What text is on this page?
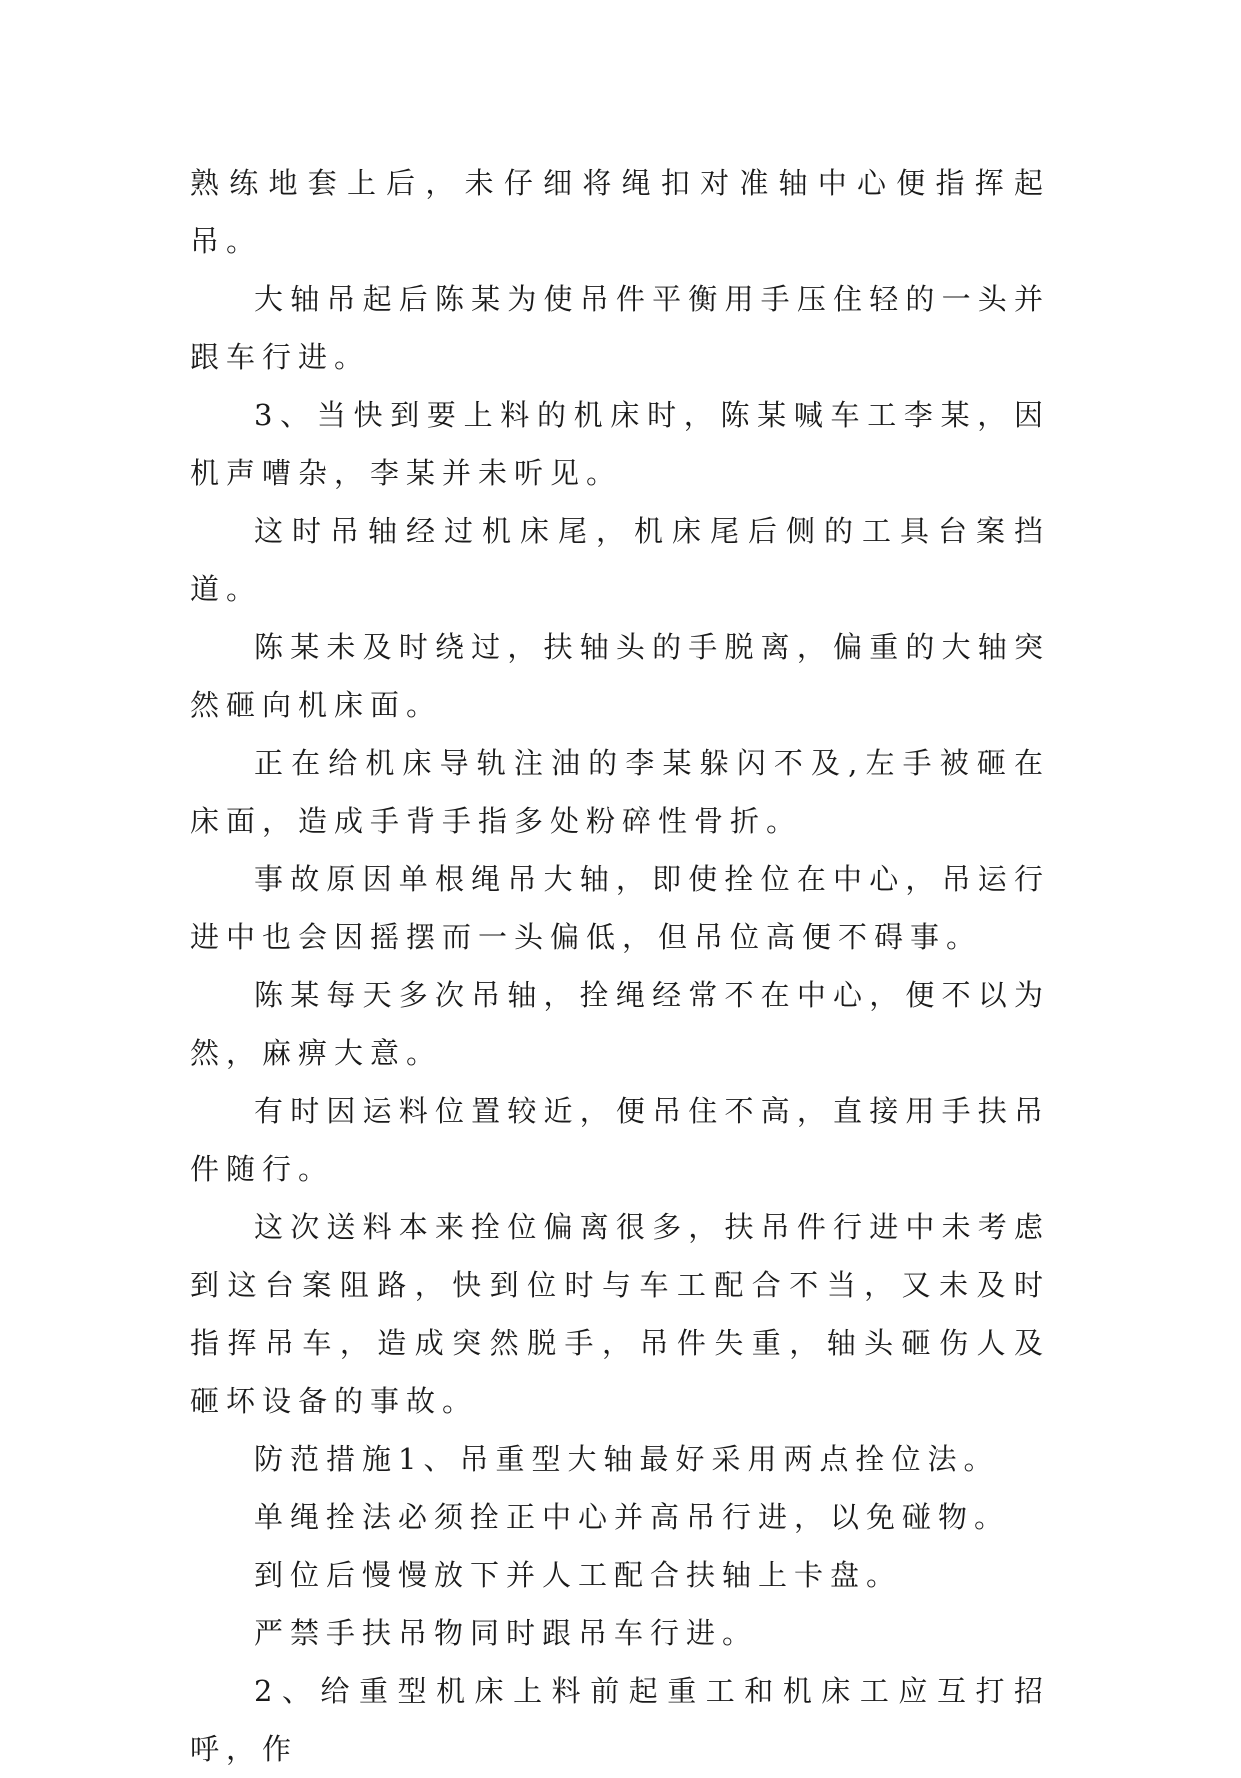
熟练地套上后，未仔细将绳扣对准轴中心便指挥起吊。

大轴吊起后陈某为使吊件平衡用手压住轻的一头并跟车行进。

3、当快到要上料的机床时，陈某喊车工李某，因机声嘈杂，李某并未听见。

这时吊轴经过机床尾，机床尾后侧的工具台案挡道。

陈某未及时绕过，扶轴头的手脱离，偏重的大轴突然砸向机床面。

正在给机床导轨注油的李某躲闪不及,左手被砸在床面，造成手背手指多处粉碎性骨折。

事故原因单根绳吊大轴，即使拴位在中心，吊运行进中也会因摇摆而一头偏低，但吊位高便不碍事。

陈某每天多次吊轴，拴绳经常不在中心，便不以为然，麻痹大意。

有时因运料位置较近，便吊住不高，直接用手扶吊件随行。

这次送料本来拴位偏离很多，扶吊件行进中未考虑到这台案阻路，快到位时与车工配合不当，又未及时指挥吊车，造成突然脱手，吊件失重，轴头砸伤人及砸坏设备的事故。

防范措施1、吊重型大轴最好采用两点拴位法。

单绳拴法必须拴正中心并高吊行进，以免碰物。

到位后慢慢放下并人工配合扶轴上卡盘。

严禁手扶吊物同时跟吊车行进。

2、给重型机床上料前起重工和机床工应互打招呼，作
